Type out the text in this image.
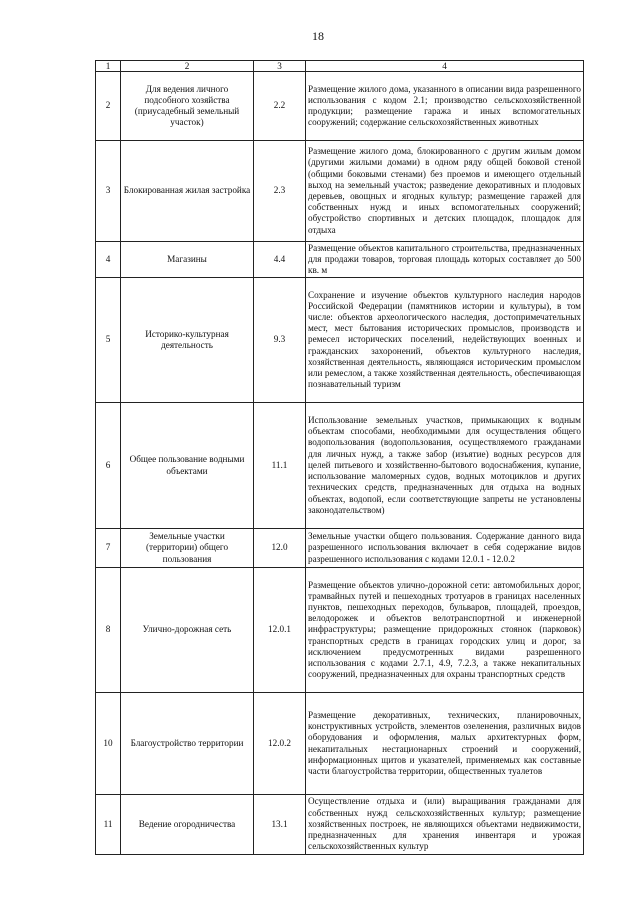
18
1	2	3	4
2	Для ведения личного подсобного хозяйства (приусадебный земельный участок)	2.2	Размещение жилого дома, указанного в описании вида разрешенного использования с кодом 2.1; производство сельскохозяйственной продукции; размещение гаража и иных вспомогательных сооружений; содержание сельскохозяйственных животных
3	Блокированная жилая застройка	2.3	Размещение жилого дома, блокированного с другим жилым домом (другими жилыми домами) в одном ряду общей боковой стеной (общими боковыми стенами) без проемов и имеющего отдельный выход на земельный участок; разведение декоративных и плодовых деревьев, овощных и ягодных культур; размещение гаражей для собственных нужд и иных вспомогательных сооружений; обустройство спортивных и детских площадок, площадок для отдыха
4	Магазины	4.4	Размещение объектов капитального строительства, предназначенных для продажи товаров, торговая площадь которых составляет до 500 кв. м
5	Историко-культурная деятельность	9.3	Сохранение и изучение объектов культурного наследия народов Российской Федерации (памятников истории и культуры), в том числе: объектов археологического наследия, достопримечательных мест, мест бытования исторических промыслов, производств и ремесел исторических поселений, недействующих военных и гражданских захоронений, объектов культурного наследия, хозяйственная деятельность, являющаяся историческим промыслом или ремеслом, а также хозяйственная деятельность, обеспечивающая познавательный туризм
6	Общее пользование водными объектами	11.1	Использование земельных участков, примыкающих к водным объектам способами, необходимыми для осуществления общего водопользования (водопользования, осуществляемого гражданами для личных нужд, а также забор (изъятие) водных ресурсов для целей питьевого и хозяйственно-бытового водоснабжения, купание, использование маломерных судов, водных мотоциклов и других технических средств, предназначенных для отдыха на водных объектах, водопой, если соответствующие запреты не установлены законодательством)
7	Земельные участки (территории) общего пользования	12.0	Земельные участки общего пользования. Содержание данного вида разрешенного использования включает в себя содержание видов разрешенного использования с кодами 12.0.1 - 12.0.2
8	Улично-дорожная сеть	12.0.1	Размещение объектов улично-дорожной сети: автомобильных дорог, трамвайных путей и пешеходных тротуаров в границах населенных пунктов, пешеходных переходов, бульваров, площадей, проездов, велодорожек и объектов велотранспортной и инженерной инфраструктуры; размещение придорожных стоянок (парковок) транспортных средств в границах городских улиц и дорог, за исключением предусмотренных видами разрешенного использования с кодами 2.7.1, 4.9, 7.2.3, а также некапитальных сооружений, предназначенных для охраны транспортных средств
10	Благоустройство территории	12.0.2	Размещение декоративных, технических, планировочных, конструктивных устройств, элементов озеленения, различных видов оборудования и оформления, малых архитектурных форм, некапитальных нестационарных строений и сооружений, информационных щитов и указателей, применяемых как составные части благоустройства территории, общественных туалетов
11	Ведение огородничества	13.1	Осуществление отдыха и (или) выращивания гражданами для собственных нужд сельскохозяйственных культур; размещение хозяйственных построек, не являющихся объектами недвижимости, предназначенных для хранения инвентаря и урожая сельскохозяйственных культур
